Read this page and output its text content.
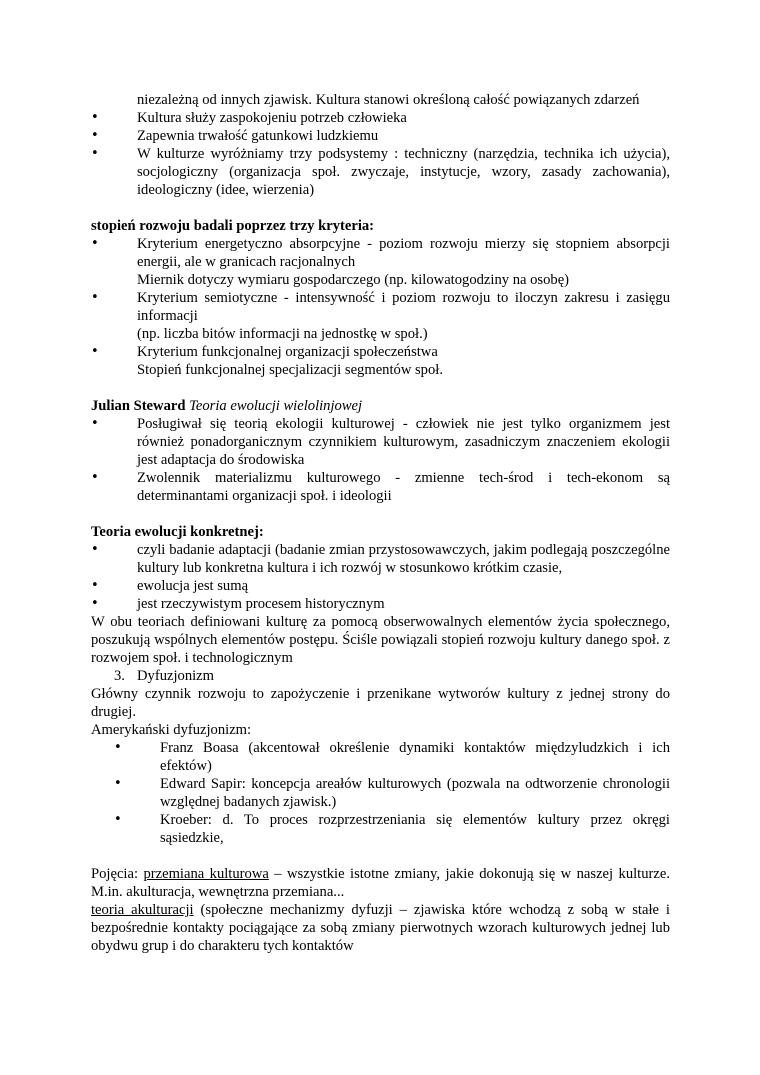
niezależną od innych zjawisk. Kultura stanowi określoną całość powiązanych zdarzeń

• Kultura służy zaspokojeniu potrzeb człowieka

• Zapewnia trwałość gatunkowi ludzkiemu

• W kulturze wyróżniamy trzy podsystemy : techniczny (narzędzia, technika ich użycia), socjologiczny (organizacja społ. zwyczaje, instytucje, wzory, zasady zachowania), ideologiczny (idee, wierzenia)

stopień rozwoju badali poprzez trzy kryteria:

• Kryterium energetyczno absorpcyjne - poziom rozwoju mierzy się stopniem absorpcji energii, ale w granicach racjonalnych

Miernik dotyczy wymiaru gospodarczego (np. kilowatogodziny na osobę)

• Kryterium semiotyczne - intensywność i poziom rozwoju to iloczyn zakresu i zasięgu informacji

(np. liczba bitów informacji na jednostkę w społ.)

• Kryterium funkcjonalnej organizacji społeczeństwa

Stopień funkcjonalnej specjalizacji segmentów społ.

Julian Steward Teoria ewolucji wielolinjowej

• Posługiwał się teorią ekologii kulturowej - człowiek nie jest tylko organizmem jest również ponadorganicznym czynnikiem kulturowym, zasadniczym znaczeniem ekologii jest adaptacja do środowiska

• Zwolennik materializmu kulturowego - zmienne tech-środ i tech-ekonom są determinantami organizacji społ. i ideologii

Teoria ewolucji konkretnej:

• czyli badanie adaptacji (badanie zmian przystosowawczych, jakim podlegają poszczególne kultury lub konkretna kultura i ich rozwój w stosunkowo krótkim czasie,

• ewolucja jest sumą

• jest rzeczywistym procesem historycznym

W obu teoriach definiowani kulturę za pomocą obserwowalnych elementów życia społecznego, poszukują wspólnych elementów postępu. Ściśle powiązali stopień rozwoju kultury danego społ. z rozwojem społ. i technologicznym

3. Dyfuzjonizm

Główny czynnik rozwoju to zapożyczenie i przenikane wytworów kultury z jednej strony do drugiej.

Amerykański dyfuzjonizm:

• Franz Boasa (akcentował określenie dynamiki kontaktów międzyludzkich i ich efektów)

• Edward Sapir: koncepcja areałów kulturowych (pozwala na odtworzenie chronologii względnej badanych zjawisk.)

• Kroeber: d. To proces rozprzestrzeniania się elementów kultury przez okręgi sąsiedzkie,

Pojęcia: przemiana kulturowa – wszystkie istotne zmiany, jakie dokonują się w naszej kulturze. M.in. akulturacja, wewnętrzna przemiana...

teoria akulturacji (społeczne mechanizmy dyfuzji – zjawiska które wchodzą z sobą w stałe i bezpośrednie kontakty pociągające za sobą zmiany pierwotnych wzorach kulturowych jednej lub obydwu grup i do charakteru tych kontaktów
